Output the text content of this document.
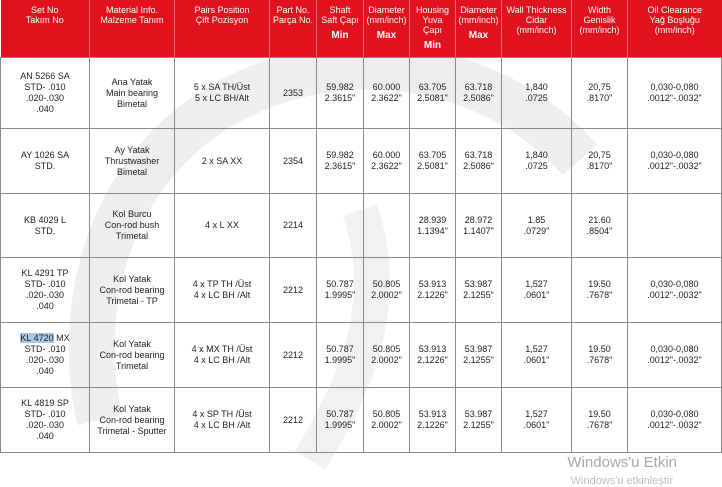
Set No
Takım No	Material Info.
Malzeme Tanım	Pairs Position
Çift Pozisyon	Part No.
Parça No.	Shaft
Saft Çapı
Min	Diameter
(mm/inch)
Max	Housing
Yuva Çapı
Min	Diameter
(mm/inch)
Max	Wall Thickness
Cidar
(mm/inch)	Width
Genislik
(mm/inch)	Oil Clearance
Yağ Boşluğu
(mm/inch)

AN 5266 SA
STD- .010
.020-.030
.040	Ana Yatak
Main bearing
Bimetal	5 x SA TH/Üst
5 x LC BH/Alt	2353	59.982
2.3615"	60.000
2.3622"	63.705
2.5081"	63.718
2.5086"	1,840
.0725	20,75
.8170"	0,030-0,080
.0012"-.0032"

AY 1026 SA
STD.	Ay Yatak
Thrustwasher
Bimetal	2 x SA XX	2354	59.982
2.3615"	60.000
2.3622"	63.705
2.5081"	63.718
2.5086"	1,840
.0725	20,75
.8170"	0,030-0,080
.0012"-.0032"

KB 4029 L
STD.	Kol Burcu
Con-rod bush
Trimetal	4 x L XX	2214			28.939
1.1394"	28.972
1.1407"	1.85
.0729"	21.60
.8504"	

KL 4291 TP
STD- .010
.020-.030
.040	Kol Yatak
Con-rod bearing
Trimetal - TP	4 x TP TH /Üst
4 x LC BH /Alt	2212	50.787
1.9995"	50.805
2.0002"	53.913
2.1226"	53.987
2.1255"	1,527
.0601"	19.50
.7678"	0,030-0,080
.0012"-.0032"

KL 4720 MX
STD- .010
.020-.030
.040	Kol Yatak
Con-rod bearing
Trimetal	4 x MX TH /Üst
4 x LC BH /Alt	2212	50.787
1.9995"	50.805
2.0002"	53.913
2.1226"	53.987
2.1255"	1,527
.0601"	19.50
.7678"	0,030-0,080
.0012"-.0032"

KL 4819 SP
STD- .010
.020-.030
.040	Kol Yatak
Con-rod bearing
Trimetal - Sputter	4 x SP TH /Üst
4 x LC BH /Alt	2212	50.787
1.9995"	50.805
2.0002"	53.913
2.1226"	53.987
2.1255"	1,527
.0601"	19.50
.7678"	0,030-0,080
.0012"-.0032"
Windows'u Etkin
Windows'u etkinleştir
